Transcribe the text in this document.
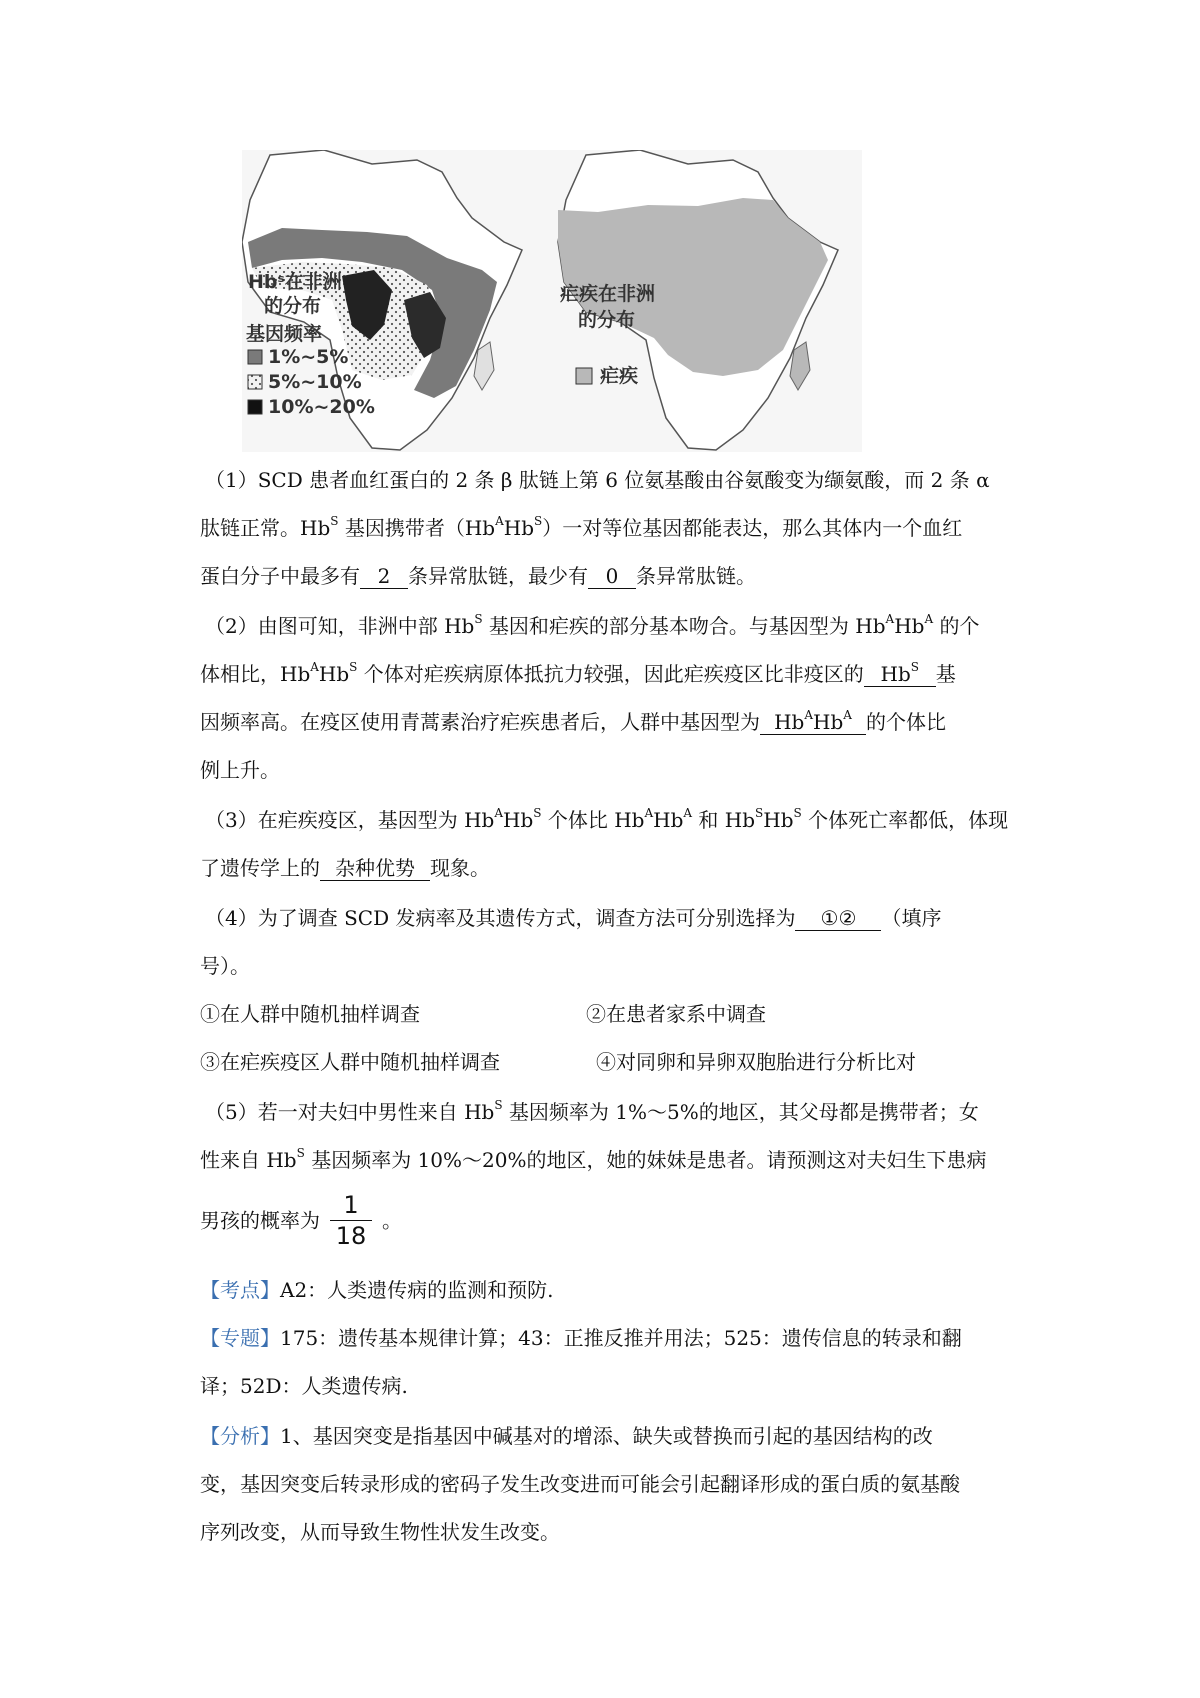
Hbˢ在非洲
的分布
基因频率
1%~5%
5%~10%
10%~20%
疟疾在非洲
的分布
疟疾
（1）SCD 患者血红蛋白的 2 条 β 肽链上第 6 位氨基酸由谷氨酸变为缬氨酸，而 2 条 α
肽链正常。$Hb^S$ 基因携带者$(Hb^AHb^S)$一对等位基因都能表达，那么其体内一个血红
蛋白分子中最多有 2 条异常肽链，最少有 0 条异常肽链。
（2）由图可知，非洲中部 $Hb^S$ 基因和疟疾的部分基本吻合。与基因型为 $Hb^AHb^A$ 的个
体相比，$Hb^AHb^S$ 个体对疟疾病原体抵抗力较强，因此疟疾疫区比非疫区的 $Hb^S$ 基
因频率高。在疫区使用青蒿素治疗疟疾患者后，人群中基因型为 $Hb^AHb^A$ 的个体比
例上升。
（3）在疟疾疫区，基因型为 $Hb^AHb^S$ 个体比 $Hb^AHb^A$ 和 $Hb^SHb^S$ 个体死亡率都低，体现
了遗传学上的 杂种优势 现象。
（4）为了调查 SCD 发病率及其遗传方式，调查方法可分别选择为 ①② （填序
号）。
①在人群中随机抽样调查	②在患者家系中调查
③在疟疾疫区人群中随机抽样调查	④对同卵和异卵双胞胎进行分析比对
（5）若一对夫妇中男性来自 $Hb^S$ 基因频率为 1%～5%的地区，其父母都是携带者；女
性来自 $Hb^S$ 基因频率为 10%～20%的地区，她的妹妹是患者。请预测这对夫妇生下患病
男孩的概率为 $\frac{1}{18}$ 。
【考点】A2：人类遗传病的监测和预防.
【专题】175：遗传基本规律计算；43：正推反推并用法；525：遗传信息的转录和翻
译；52D：人类遗传病.
【分析】1、基因突变是指基因中碱基对的增添、缺失或替换而引起的基因结构的改
变，基因突变后转录形成的密码子发生改变进而可能会引起翻译形成的蛋白质的氨基酸
序列改变，从而导致生物性状发生改变。
